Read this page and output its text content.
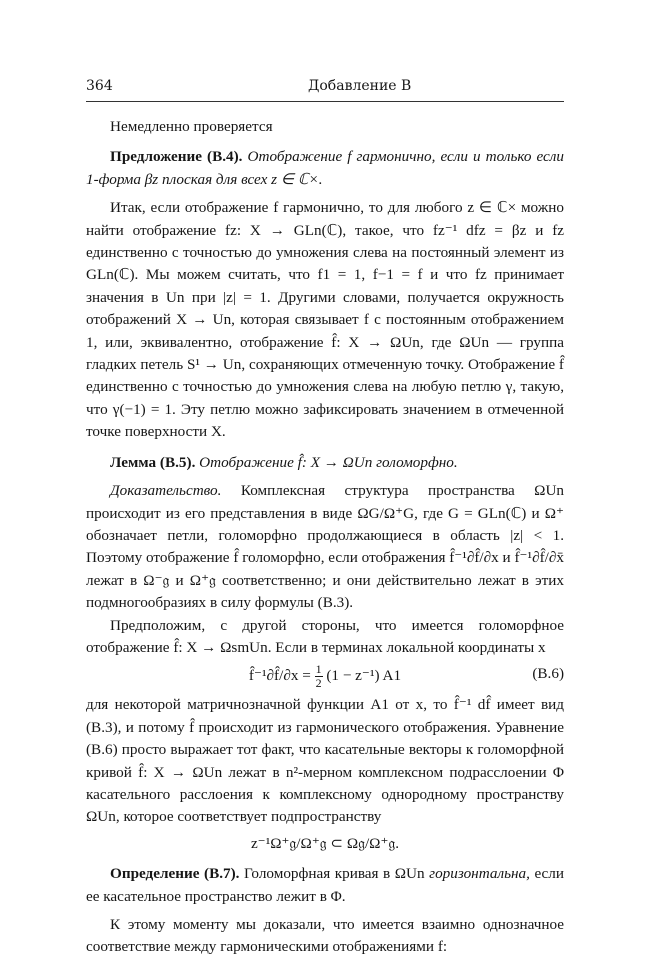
364	Добавление В

Немедленно проверяется

Предложение (В.4). Отображение f гармонично, если и только если 1-форма βz плоская для всех z ∈ ℂ×.

Итак, если отображение f гармонично, то для любого z ∈ ℂ× можно найти отображение fz: X → GLn(ℂ), такое, что fz⁻¹ dfz = βz и fz единственно с точностью до умножения слева на постоянный элемент из GLn(ℂ). Мы можем считать, что f1 = 1, f−1 = f и что fz принимает значения в Un при |z| = 1. Другими словами, получается окружность отображений X → Un, которая связывает f с постоянным отображением 1, или, эквивалентно, отображение f̂: X → ΩUn, где ΩUn — группа гладких петель S¹ → Un, сохраняющих отмеченную точку. Отображение f̂ единственно с точностью до умножения слева на любую петлю γ, такую, что γ(−1) = 1. Эту петлю можно зафиксировать значением в отмеченной точке поверхности X.

Лемма (В.5). Отображение f̂: X → ΩUn голоморфно.

Доказательство. Комплексная структура пространства ΩUn происходит из его представления в виде ΩG/Ω⁺G, где G = GLn(ℂ) и Ω⁺ обозначает петли, голоморфно продолжающиеся в область |z| < 1. Поэтому отображение f̂ голоморфно, если отображения f̂⁻¹∂f̂/∂x и f̂⁻¹∂f̂/∂x̄ лежат в Ω⁻𝔤 и Ω⁺𝔤 соответственно; и они действительно лежат в этих подмногообразиях в силу формулы (В.3).

Предположим, с другой стороны, что имеется голоморфное отображение f̂: X → ΩsmUn. Если в терминах локальной координаты x

f̂⁻¹∂f̂/∂x = $\frac{1}{2} (1 - z^{-1})$ A1	(В.6)

для некоторой матричнозначной функции A1 от x, то f̂⁻¹ df̂ имеет вид (В.3), и потому f̂ происходит из гармонического отображения. Уравнение (В.6) просто выражает тот факт, что касательные векторы к голоморфной кривой f̂: X → ΩUn лежат в n²-мерном комплексном подрасслоении Φ касательного расслоения к комплексному однородному пространству ΩUn, которое соответствует подпространству

z⁻¹Ω⁺𝔤/Ω⁺𝔤 ⊂ Ω𝔤/Ω⁺𝔤.

Определение (В.7). Голоморфная кривая в ΩUn горизонтальна, если ее касательное пространство лежит в Φ.

К этому моменту мы доказали, что имеется взаимно однозначное соответствие между гармоническими отображениями f:
